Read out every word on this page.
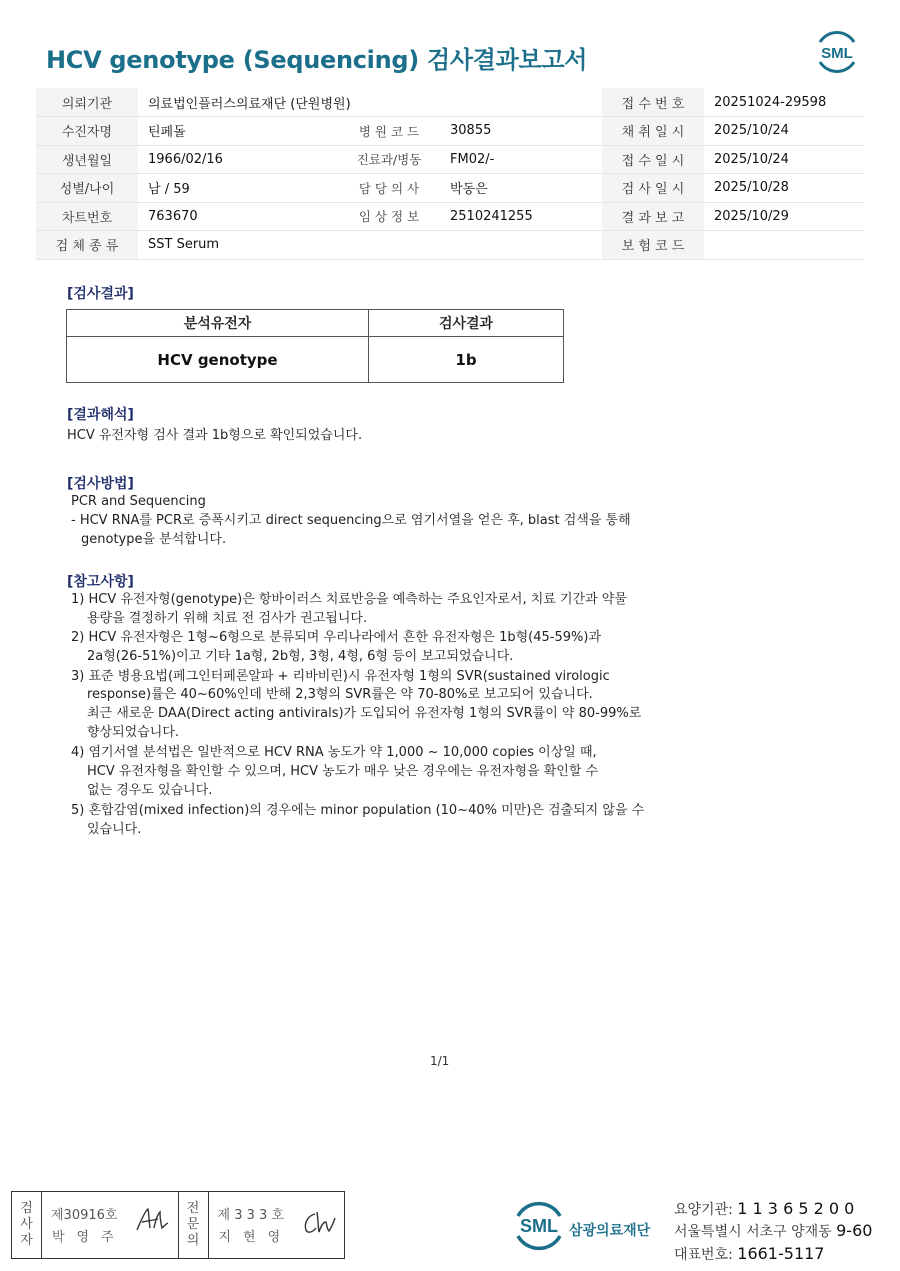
HCV genotype (Sequencing) 검사결과보고서	SML
의뢰기관	의료법인플러스의료재단 (단원병원)			접 수 번 호	20251024-29598
수진자명	틴페돌	병 원 코 드	30855	채 취 일 시	2025/10/24
생년월일	1966/02/16	진료과/병동	FM02/-	접 수 일 시	2025/10/24
성별/나이	남 / 59	담 당 의 사	박동은	검 사 일 시	2025/10/28
차트번호	763670	임 상 정 보	2510241255	결 과 보 고	2025/10/29
검 체 종 류	SST Serum			보 험 코 드	
[검사결과]
분석유전자	검사결과
HCV genotype	1b
[결과해석]
HCV 유전자형 검사 결과 1b형으로 확인되었습니다.
[검사방법]
PCR and Sequencing
- HCV RNA를 PCR로 증폭시키고 direct sequencing으로 염기서열을 얻은 후, blast 검색을 통해
genotype을 분석합니다.
[참고사항]
1) HCV 유전자형(genotype)은 항바이러스 치료반응을 예측하는 주요인자로서, 치료 기간과 약물
용량을 결정하기 위해 치료 전 검사가 권고됩니다.
2) HCV 유전자형은 1형~6형으로 분류되며 우리나라에서 흔한 유전자형은 1b형(45-59%)과
2a형(26-51%)이고 기타 1a형, 2b형, 3형, 4형, 6형 등이 보고되었습니다.
3) 표준 병용요법(페그인터페론알파 + 리바비린)시 유전자형 1형의 SVR(sustained virologic
response)률은 40~60%인데 반해 2,3형의 SVR률은 약 70-80%로 보고되어 있습니다.
최근 새로운 DAA(Direct acting antivirals)가 도입되어 유전자형 1형의 SVR률이 약 80-99%로
향상되었습니다.
4) 염기서열 분석법은 일반적으로 HCV RNA 농도가 약 1,000 ~ 10,000 copies 이상일 때,
HCV 유전자형을 확인할 수 있으며, HCV 농도가 매우 낮은 경우에는 유전자형을 확인할 수
없는 경우도 있습니다.
5) 혼합감염(mixed infection)의 경우에는 minor population (10~40% 미만)은 검출되지 않을 수
있습니다.
1/1
검
사
자
제30916호
박영주
전
문
의
제 3 3 3 호
지현영
SML 삼광의료재단
요양기관: 1 1 3 6 5 2 0 0
서울특별시 서초구 양재동 9-60
대표번호: 1661-5117
